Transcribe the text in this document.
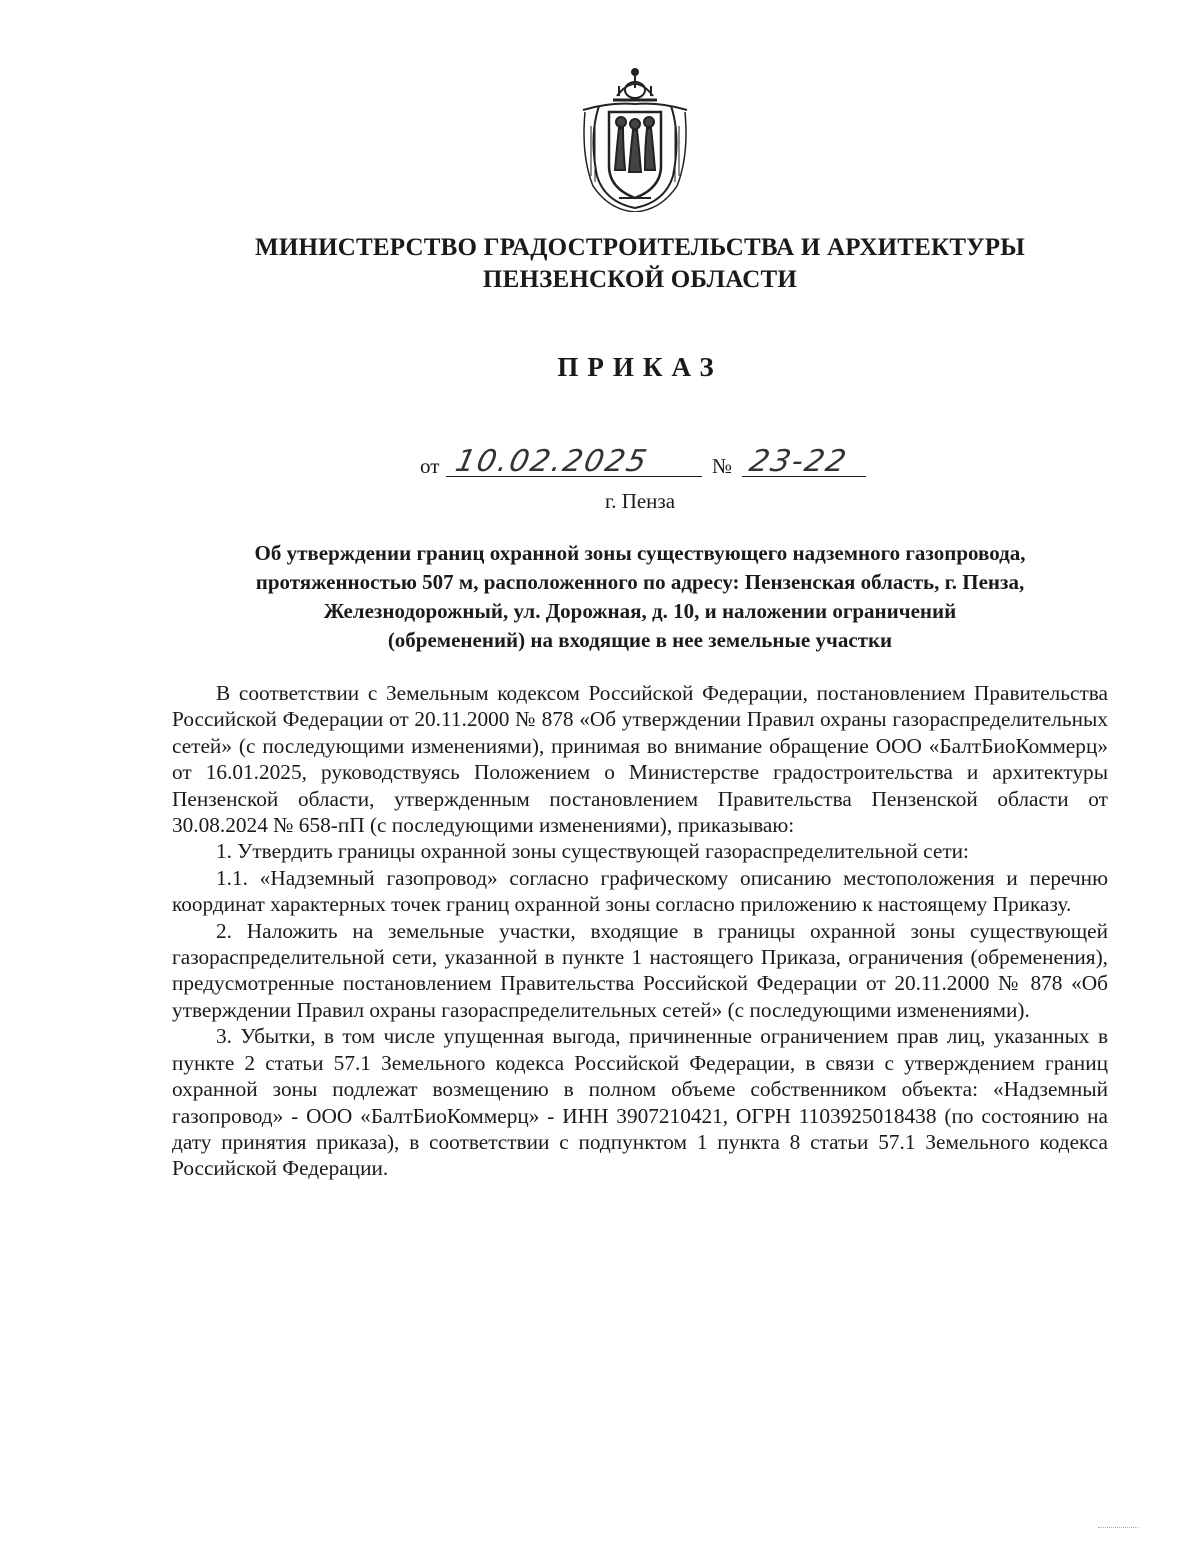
МИНИСТЕРСТВО ГРАДОСТРОИТЕЛЬСТВА И АРХИТЕКТУРЫ
ПЕНЗЕНСКОЙ ОБЛАСТИ
ПРИКАЗ
от 10.02.2025	№ 23-22
г. Пенза
Об утверждении границ охранной зоны существующего надземного газопровода,
протяженностью 507 м, расположенного по адресу: Пензенская область, г. Пенза,
Железнодорожный, ул. Дорожная, д. 10, и наложении ограничений
(обременений) на входящие в нее земельные участки

В соответствии с Земельным кодексом Российской Федерации, постановлением Правительства Российской Федерации от 20.11.2000 № 878 «Об утверждении Правил охраны газораспределительных сетей» (с последующими изменениями), принимая во внимание обращение ООО «БалтБиоКоммерц» от 16.01.2025, руководствуясь Положением о Министерстве градостроительства и архитектуры Пензенской области, утвержденным постановлением Правительства Пензенской области от 30.08.2024 № 658-пП (с последующими изменениями), приказываю:

1. Утвердить границы охранной зоны существующей газораспределительной сети:

1.1. «Надземный газопровод» согласно графическому описанию местоположения и перечню координат характерных точек границ охранной зоны согласно приложению к настоящему Приказу.

2. Наложить на земельные участки, входящие в границы охранной зоны существующей газораспределительной сети, указанной в пункте 1 настоящего Приказа, ограничения (обременения), предусмотренные постановлением Правительства Российской Федерации от 20.11.2000 № 878 «Об утверждении Правил охраны газораспределительных сетей» (с последующими изменениями).

3. Убытки, в том числе упущенная выгода, причиненные ограничением прав лиц, указанных в пункте 2 статьи 57.1 Земельного кодекса Российской Федерации, в связи с утверждением границ охранной зоны подлежат возмещению в полном объеме собственником объекта: «Надземный газопровод» - ООО «БалтБиоКоммерц» - ИНН 3907210421, ОГРН 1103925018438 (по состоянию на дату принятия приказа), в соответствии с подпунктом 1 пункта 8 статьи 57.1 Земельного кодекса Российской Федерации.
